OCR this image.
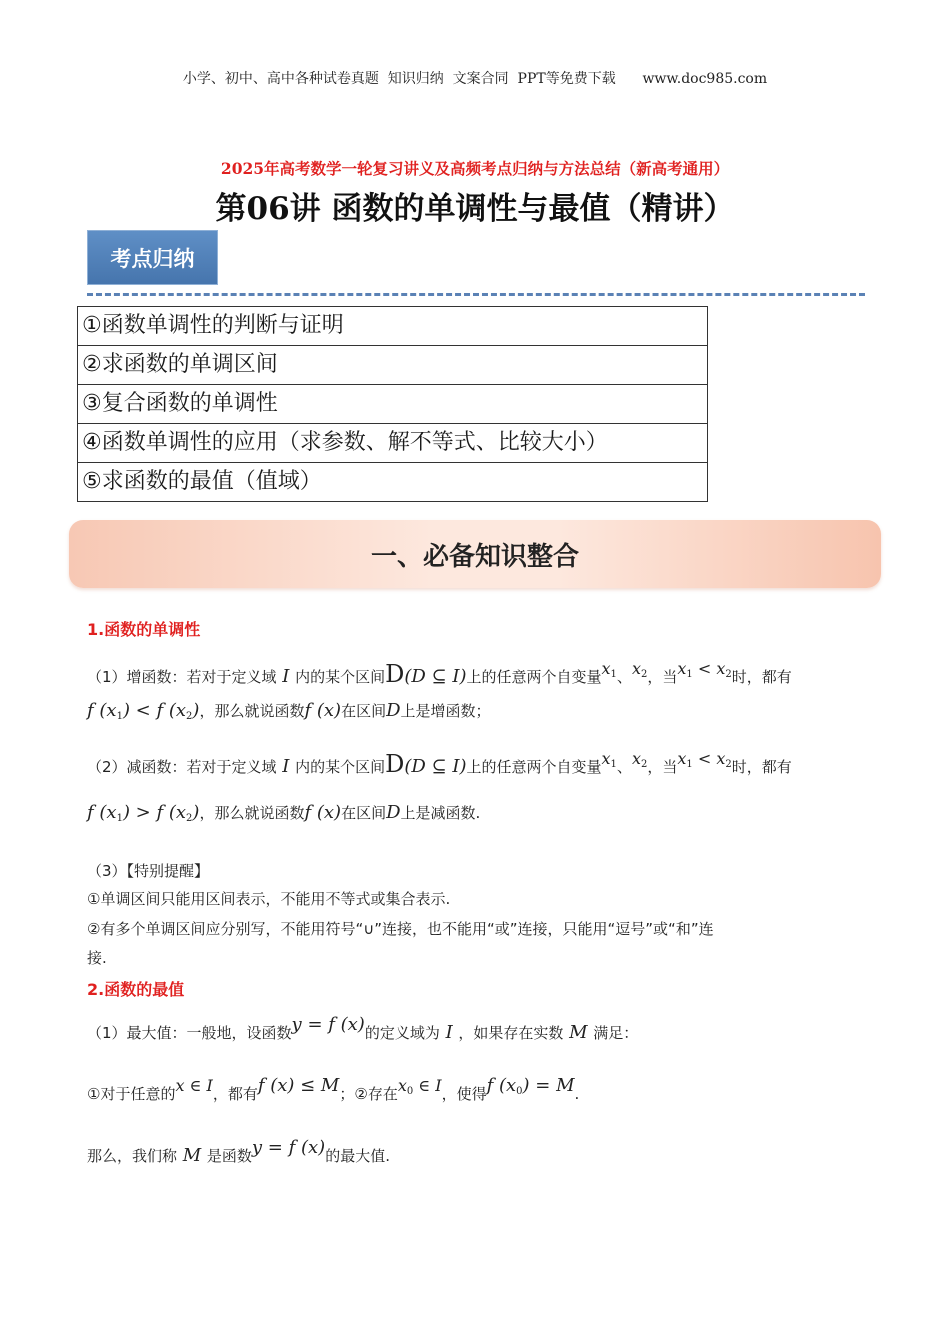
小学、初中、高中各种试卷真题  知识归纳  文案合同  PPT等免费下载 www.doc985.com
2025年高考数学一轮复习讲义及高频考点归纳与方法总结（新高考通用）
第06讲 函数的单调性与最值（精讲）
考点归纳
①函数单调性的判断与证明
②求函数的单调区间
③复合函数的单调性
④函数单调性的应用（求参数、解不等式、比较大小）
⑤求函数的最值（值域）
一、必备知识整合
1.函数的单调性
（1）增函数：若对于定义域 I 内的某个区间D(D ⊆ I)上的任意两个自变量$x_1$、$x_2$，当$x_1 < x_2$时，都有
f $(x_1) < f$ $(x_2)$，那么就说函数f (x)在区间D上是增函数；
（2）减函数：若对于定义域 I 内的某个区间D(D ⊆ I)上的任意两个自变量$x_1$、$x_2$，当$x_1 < x_2$时，都有
f $(x_1) > f$ $(x_2)$，那么就说函数f (x)在区间D上是减函数.
（3）【特别提醒】
①单调区间只能用区间表示，不能用不等式或集合表示.
②有多个单调区间应分别写，不能用符号“∪”连接，也不能用“或”连接，只能用“逗号”或“和”连
接.
2.函数的最值
（1）最大值：一般地，设函数y = f (x)的定义域为 I ，如果存在实数 M 满足：
①对于任意的x ∈ I，都有f (x) ≤ M；②存在$x_0$ ∈ I，使得f $(x_0) = M$.
那么，我们称 M 是函数y = f (x)的最大值.
